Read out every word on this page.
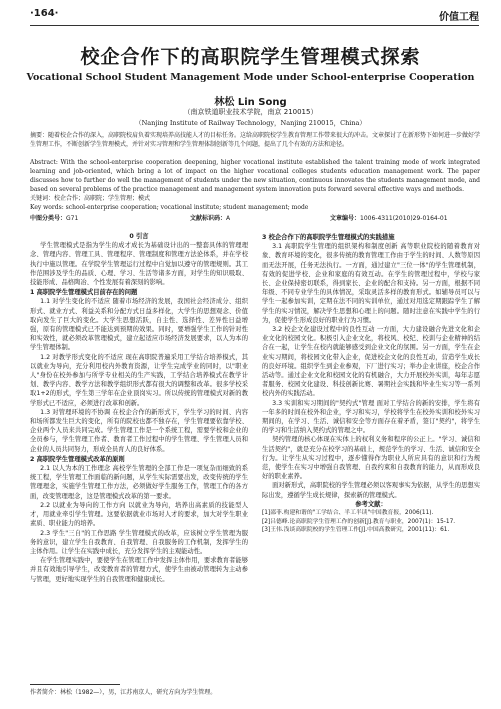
·164·	价值工程
校企合作下的高职院学生管理模式探索
Vocational School Student Management Mode under School-enterprise Cooperation
林松 Lin Song
（南京铁道职业技术学院，南京 210015）
（Nanjing Institute of Railway Technology，Nanjing 210015，China）
摘要：随着校企合作的深入，高职院校肩负着实现培养高技能人才的目标任务。这给高职院校学生教育管理工作带来很大的冲击。文章探讨了在新形势下如何进一步做好学生管理工作，不断创新学生管理模式，并针对实习管理和学生管理体制创新等几个问题，提出了几个有效的方法和途径。
Abstract: With the school-enterprise cooperation deepening, higher vocational institute established the talent training mode of work integrated learning and job-oriented, which bring a lot of impact on the higher vocational colleges students education management work. The paper discusses how to further do well the management of students under the new situation, continuous innovates the students management mode, and based on several problems of the practice management and management system innovation puts forward several effective ways and methods.
关键词：校企合作；高职院；学生管理；模式
Key words: school-enterprise cooperation; vocational institute; student management; mode
中图分类号：G71	文献标识码：A	文章编号：1006-4311(2010)29-0164-01

0 引言

学生管理模式是指为学生的成才成长为基础设计出的一整套具体的管理理念、管理内容、管理工具、管理程序、管理制度和管理方法论体系，并在学校执行中施以管理。在学院学生管理运行过程中自觉加以遵守的管理规则。其工作范围涉及学生的品质、心理、学习、生活等诸多方面，对学生的知识吸取、技能形成、品格陶冶、个性发展有着深刻的影响。

1 高职院学生管理模式目前存在的问题

1.1 对学生变化的不适应 随着市场经济的发展，我国社会经济成分、组织形式、就业方式、利益关系和分配方式日益多样化，大学生的思想观念、价值取向发生了巨大的变化。大学生思想活跃，自主性、选择性、差异性日益增强，原有的管理模式已不能达到预期的效果。同时，要增强学生工作的针对性和实效性，就必须改革管理模式，建立起适应市场经济发展要求，以人为本的学生管理体制。

1.2 对教学形式变化的不适应 现在高职院普遍采用工学结合培养模式，其以就业为导向，充分利用校内外教育资源，让学生完成学业的同时，以"职业人"身份在校外参加与所学专业相关的生产实践，工学结合培养模式在教学计划、教学内容、教学方法和教学组织形式都有很大的调整和改革。很多学校采取1+2的形式，学生第三学年在企业顶岗实习。所以传统的管理模式对新的教学形式已不适应，必须进行改革和创新。

1.3 对管理环境的不协调 在校企合作的新形式下，学生学习的时间、内容和场所都发生巨大的变化，所有的院校也都不独存在，学生管理要依靠学校、企业两个人员来共同完成。学生管理工作是一个系统工程，需要学校和企业的全员参与，学生管理工作者、教育者工作过程中的学生管理、学生管理人员和企业的人员共同努力，形成全员育人的良好体系。

2 高职院学生管理模式改革的原则

2.1 以人为本的工作理念 高校学生管理的全部工作是一项复杂而细致的系统工程，学生管理工作面临的新问题，从学生实际需要出发，改变传统的学生管理理念，实施学生管理工作方法，必须做好学生服务工作，管理工作的各方面，改变管理理念，这是管理模式改革的第一要求。

2.2 以就业为导向的工作方向 以就业为导向，培养出高素质的技能型人才，用就业牵引学生管理。这要依据就业市场对人才的要求，加大对学生职业素质、职业能力的培养。

2.3 学生"三自"的工作思路 学生管理模式的改革，应该树立学生管理为服务的意识，建立学生自我教育、自我管理、自我服务的工作机制，发挥学生的主体作用。让学生在实践中成长，充分发挥学生的主观能动性。

在学生管理实践中，要使学生在管理工作中发挥主体作用，要求教育者能够并且有效地引导学生，改变教育者的管理方式，使学生由被动管理转为主动参与管理，更好地实现学生的自我管理和健康成长。

3 校企合作下的高职院学生管理模式的实践措施

3.1 高职院学生管理的组织架构和制度创新 高等职业院校的随着教育对象、教育环境的变化，很多传统的教育管理工作由于学生的时间、人数等原因而无法开展，任务无法执行。一方面，通过建立"三位一体"的学生管理机制，有效的促进学校、企业和家庭的有效互动。在学生的管理过程中，学校与家长、企业保持密切联系，得到家长、企业的配合和支持。另一方面，根据不同年级、不同专业学生的具体情况，采取灵活多样的教育形式。如辅导员可以与学生一起参加实训，定期在法不同的实训单位，通过对用选定期跟踪学生了解学生的实习情况，解决学生思想和心理上的问题。随时注意在实践中学生的行为，促使学生形成良好的职业行为习惯。

3.2 校企文化建设过程中的良性互动 一方面，大力建设融合先进文化和企业文化的校园文化。积极引入企业文化，将校风、校纪、校训与企业精神的结合在一起，让学生在校内就能够感受到企业文化的氛围。另一方面，学生在企业实习期间，将校园文化带入企业，促进校企文化的良性互动，营造学生成长的良好环境。组织学生到企业参观，下厂进行实习；举办企业讲座，校企合作活动等。通过企业文化和校园文化的有机融合，大力开展校外实训，每年志愿者服务、校园文化建设、科技创新比赛、暑期社会实践和毕业生实习等一系列校内外的实践活动。

3.3 实训和实习期间的"契约式"管理 面对工学结合的新的安排，学生将有一年多的时间在校外和企业，学习和实习，学校将学生在校外实训和校外实习期间的，在学习、生活、诚信和安全等方面存在着矛盾，签订"契约"，将学生的学习和生活纳入契约式的管理之中。

契约管理的核心体现在实体上的权利义务和程序的公正上。"学习、诚信和生活契约"，就是充分在校学习的基础上，规范学生的学习、生活、诚信和安全行为。让学生从实习过程中，逐步懂得作为职业人所应具有的意识和行为规范，使学生在实习中增强自我管理、自我约束和自我教育的能力，从而形成良好的职业素养。

面对新形式，高职院校的学生管理必须以客观事实为依据，从学生的思想实际出发，遵循学生成长规律，探索新的管理模式。

参考文献：

[1]邵菲.构建和谐的"工学结合、半工半读"中国教育报，2006(11).

[2]吕德峰.论高职院学生管理工作的创新[J].教育与职业，2007(1)：15-17.

[3]王伟.浅谈高职院校的学生管理工作[J].中国高教研究，2001(11)：61.

作者简介：林松（1982—），男，江苏南京人，研究方向为学生管理。
